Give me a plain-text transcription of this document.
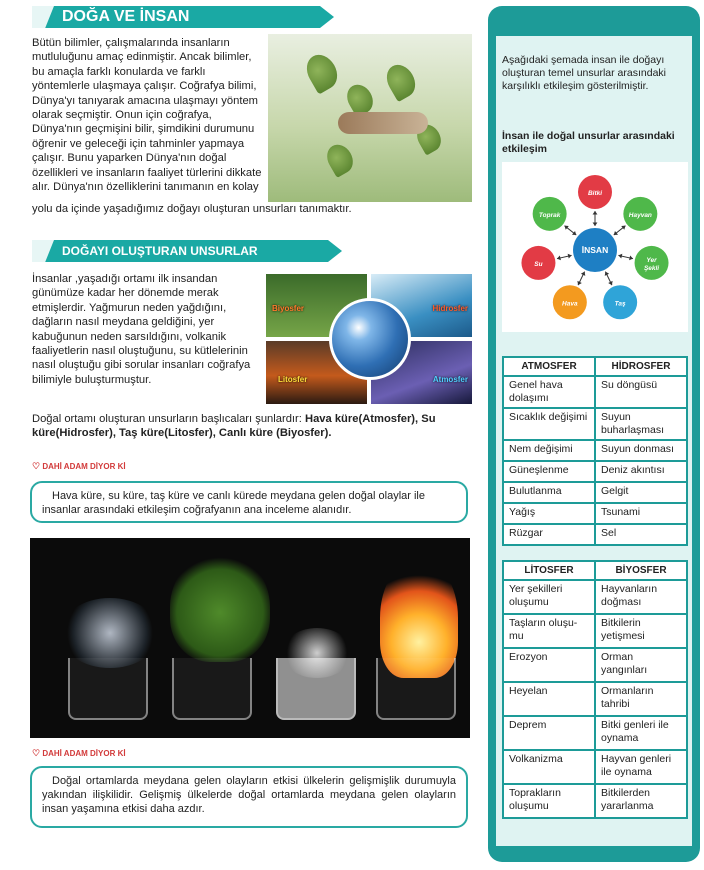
DOĞA VE İNSAN

Bütün bilimler, çalışmalarında insanların mutluluğunu amaç edinmiştir. Ancak bilimler, bu amaçla farklı konularda ve farklı yöntemlerle ulaşmaya çalışır. Coğrafya bilimi, Dünya'yı tanıyarak amacına ulaşmayı yöntem olarak seçmiştir. Onun için coğrafya, Dünya'nın geçmişini bilir, şimdikini durumunu öğrenir ve geleceği için tahminler yapmaya çalışır. Bunu yaparken Dünya'nın doğal özellikleri ve insanların faaliyet türlerini dikkate alır. Dünya'nın özelliklerini tanımanın en kolay

yolu da içinde yaşadığımız doğayı oluşturan unsurları tanımaktır.

DOĞAYI OLUŞTURAN UNSURLAR

İnsanlar ,yaşadığı ortamı ilk insandan günümüze kadar her dönemde merak etmişlerdir. Yağmurun neden yağdığını, dağların nasıl meydana geldiğini, yer kabuğunun neden sarsıldığını, volkanik faaliyetlerin nasıl oluştuğunu, su kütlelerinin nasıl oluştuğu gibi sorular insanları coğrafya bilimiyle buluşturmuştur.

Doğal ortamı oluşturan unsurların başlıcaları şunlardır: Hava küre(Atmosfer), Su küre(Hidrosfer), Taş küre(Litosfer), Canlı küre (Biyosfer).

Biyosfer	Hidrosfer
Litosfer	Atmosfer
♡ DAHİ ADAM DİYOR Kİ
Hava küre, su küre, taş küre ve canlı kürede meydana gelen doğal olaylar ile insanlar arasındaki etkileşim coğrafyanın ana inceleme alanıdır.
♡ DAHİ ADAM DİYOR Kİ
Doğal ortamlarda meydana gelen olayların etkisi ülkelerin gelişmişlik durumuyla yakından ilişkilidir. Gelişmiş ülkelerde doğal ortamlarda meydana gelen olayların insan yaşamına etkisi daha azdır.

Aşağıdaki şemada insan ile doğayı oluşturan temel unsurlar arasındaki karşılıklı etkileşim gösterilmiştir.

İnsan ile doğal unsurlar arasındaki etkileşim

Bitki
Hayvan
Yer
Şekli
Taş
Hava
Su
Toprak
İNSAN
ATMOSFER	HİDROSFER
Genel hava dolaşımı	Su döngüsü
Sıcaklık değişimi	Suyun buharlaşması
Nem değişimi	Suyun donması
Güneşlenme	Deniz akıntısı
Bulutlanma	Gelgit
Yağış	Tsunami
Rüzgar	Sel
LİTOSFER	BİYOSFER
Yer şekilleri oluşumu	Hayvanların doğması
Taşların oluşu-mu	Bitkilerin yetişmesi
Erozyon	Orman yangınları
Heyelan	Ormanların tahribi
Deprem	Bitki genleri ile oynama
Volkanizma	Hayvan genleri ile oynama
Toprakların oluşumu	Bitkilerden yararlanma
